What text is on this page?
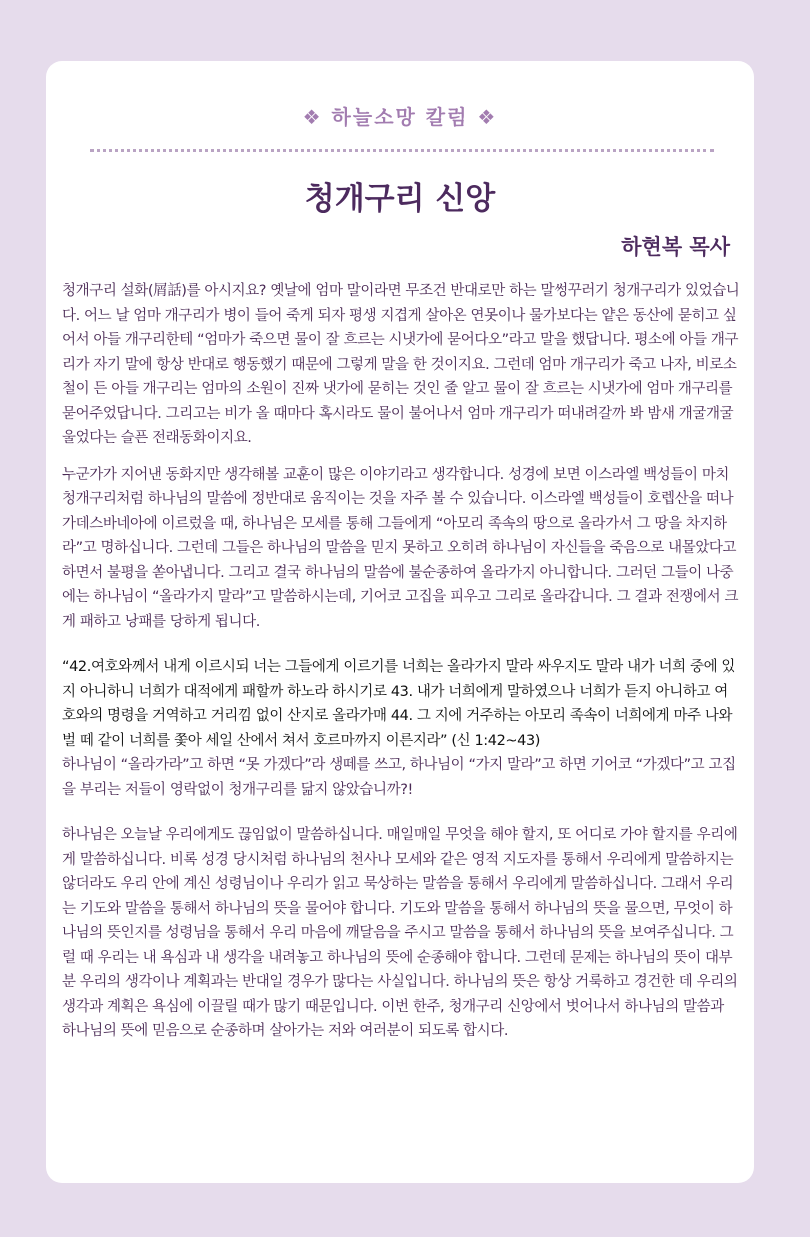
❖ 하늘소망 칼럼 ❖
청개구리 신앙
하현복 목사

청개구리 설화(屑話)를 아시지요? 옛날에 엄마 말이라면 무조건 반대로만 하는 말썽꾸러기 청개구리가 있었습니다. 어느 날 엄마 개구리가 병이 들어 죽게 되자 평생 지겹게 살아온 연못이나 물가보다는 얕은 동산에 묻히고 싶어서 아들 개구리한테 “엄마가 죽으면 물이 잘 흐르는 시냇가에 묻어다오”라고 말을 했답니다. 평소에 아들 개구리가 자기 말에 항상 반대로 행동했기 때문에 그렇게 말을 한 것이지요. 그런데 엄마 개구리가 죽고 나자, 비로소 철이 든 아들 개구리는 엄마의 소원이 진짜 냇가에 묻히는 것인 줄 알고 물이 잘 흐르는 시냇가에 엄마 개구리를 묻어주었답니다. 그리고는 비가 올 때마다 혹시라도 물이 불어나서 엄마 개구리가 떠내려갈까 봐 밤새 개굴개굴 울었다는 슬픈 전래동화이지요.

누군가가 지어낸 동화지만 생각해볼 교훈이 많은 이야기라고 생각합니다. 성경에 보면 이스라엘 백성들이 마치 청개구리처럼 하나님의 말씀에 정반대로 움직이는 것을 자주 볼 수 있습니다. 이스라엘 백성들이 호렙산을 떠나 가데스바네아에 이르렀을 때, 하나님은 모세를 통해 그들에게 “아모리 족속의 땅으로 올라가서 그 땅을 차지하라”고 명하십니다. 그런데 그들은 하나님의 말씀을 믿지 못하고 오히려 하나님이 자신들을 죽음으로 내몰았다고 하면서 불평을 쏟아냅니다. 그리고 결국 하나님의 말씀에 불순종하여 올라가지 아니합니다. 그러던 그들이 나중에는 하나님이 “올라가지 말라”고 말씀하시는데, 기어코 고집을 피우고 그리로 올라갑니다. 그 결과 전쟁에서 크게 패하고 낭패를 당하게 됩니다.

“42.여호와께서 내게 이르시되 너는 그들에게 이르기를 너희는 올라가지 말라 싸우지도 말라 내가 너희 중에 있지 아니하니 너희가 대적에게 패할까 하노라 하시기로 43. 내가 너희에게 말하였으나 너희가 듣지 아니하고 여호와의 명령을 거역하고 거리낌 없이 산지로 올라가매 44. 그 지에 거주하는 아모리 족속이 너희에게 마주 나와 벌 떼 같이 너희를 쫓아 세일 산에서 쳐서 호르마까지 이른지라” (신 1:42~43)

하나님이 “올라가라”고 하면 “못 가겠다”라 생떼를 쓰고, 하나님이 “가지 말라”고 하면 기어코 “가겠다”고 고집을 부리는 저들이 영락없이 청개구리를 닮지 않았습니까?!

하나님은 오늘날 우리에게도 끊임없이 말씀하십니다. 매일매일 무엇을 해야 할지, 또 어디로 가야 할지를 우리에게 말씀하십니다. 비록 성경 당시처럼 하나님의 천사나 모세와 같은 영적 지도자를 통해서 우리에게 말씀하지는 않더라도 우리 안에 계신 성령님이나 우리가 읽고 묵상하는 말씀을 통해서 우리에게 말씀하십니다. 그래서 우리는 기도와 말씀을 통해서 하나님의 뜻을 물어야 합니다. 기도와 말씀을 통해서 하나님의 뜻을 물으면, 무엇이 하나님의 뜻인지를 성령님을 통해서 우리 마음에 깨달음을 주시고 말씀을 통해서 하나님의 뜻을 보여주십니다. 그럴 때 우리는 내 욕심과 내 생각을 내려놓고 하나님의 뜻에 순종해야 합니다. 그런데 문제는 하나님의 뜻이 대부분 우리의 생각이나 계획과는 반대일 경우가 많다는 사실입니다. 하나님의 뜻은 항상 거룩하고 경건한 데 우리의 생각과 계획은 욕심에 이끌릴 때가 많기 때문입니다. 이번 한주, 청개구리 신앙에서 벗어나서 하나님의 말씀과 하나님의 뜻에 믿음으로 순종하며 살아가는 저와 여러분이 되도록 합시다.
